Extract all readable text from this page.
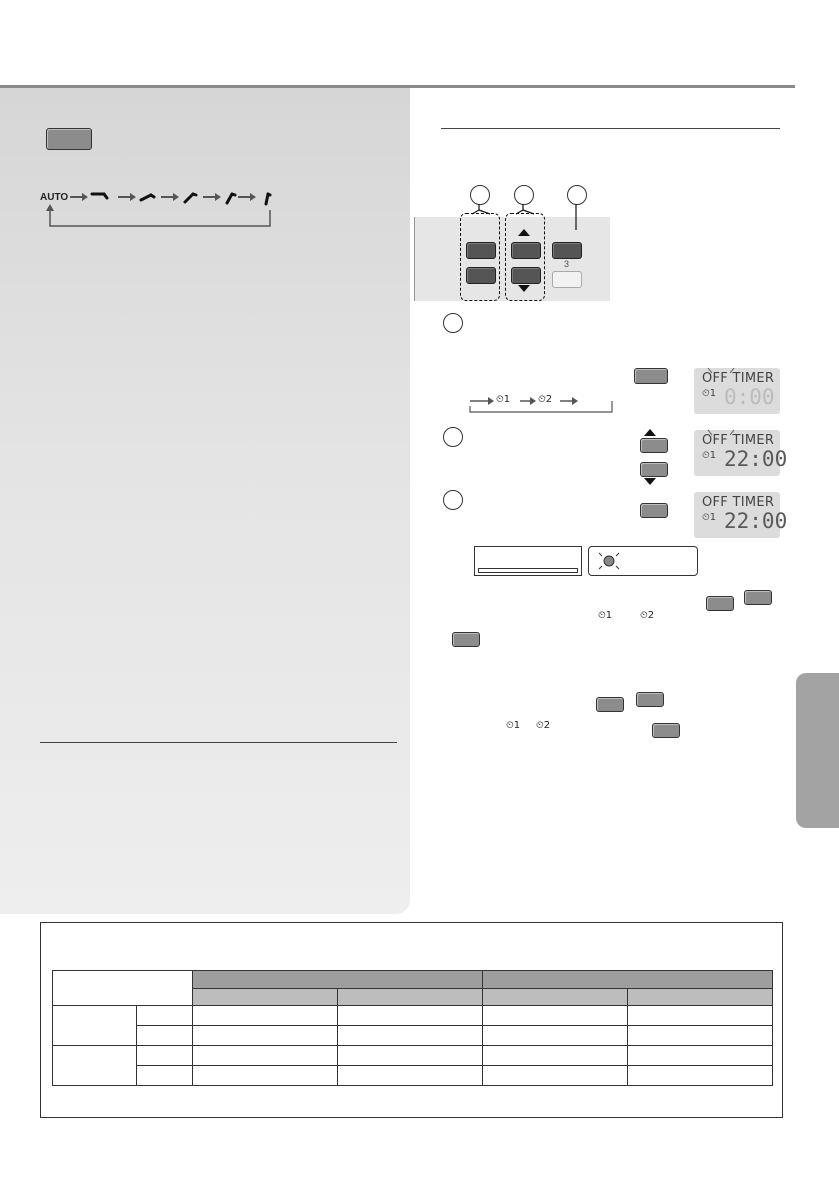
AUTO
3
⏲1	⏲2
OFF TIMER
⏲1 0:00
OFF TIMER
⏲1 22:00
OFF TIMER
⏲1 22:00
⏲1	⏲2
⏲1 ⏲2
